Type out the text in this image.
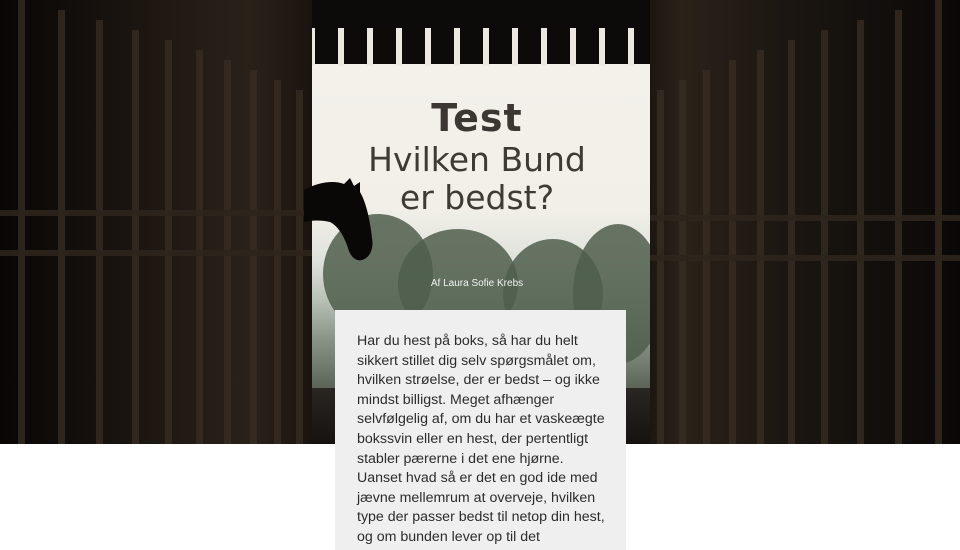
Test
Hvilken Bund
er bedst?
Af Laura Sofie Krebs

Har du hest på boks, så har du helt sikkert stillet dig selv spørgsmålet om, hvilken strøelse, der er bedst – og ikke mindst billigst. Meget afhænger selvfølgelig af, om du har et vaskeægte bokssvin eller en hest, der pertentligt stabler pærerne i det ene hjørne. Uanset hvad så er det en god ide med jævne mellemrum at overveje, hvilken type der passer bedst til netop din hest, og om bunden lever op til det
